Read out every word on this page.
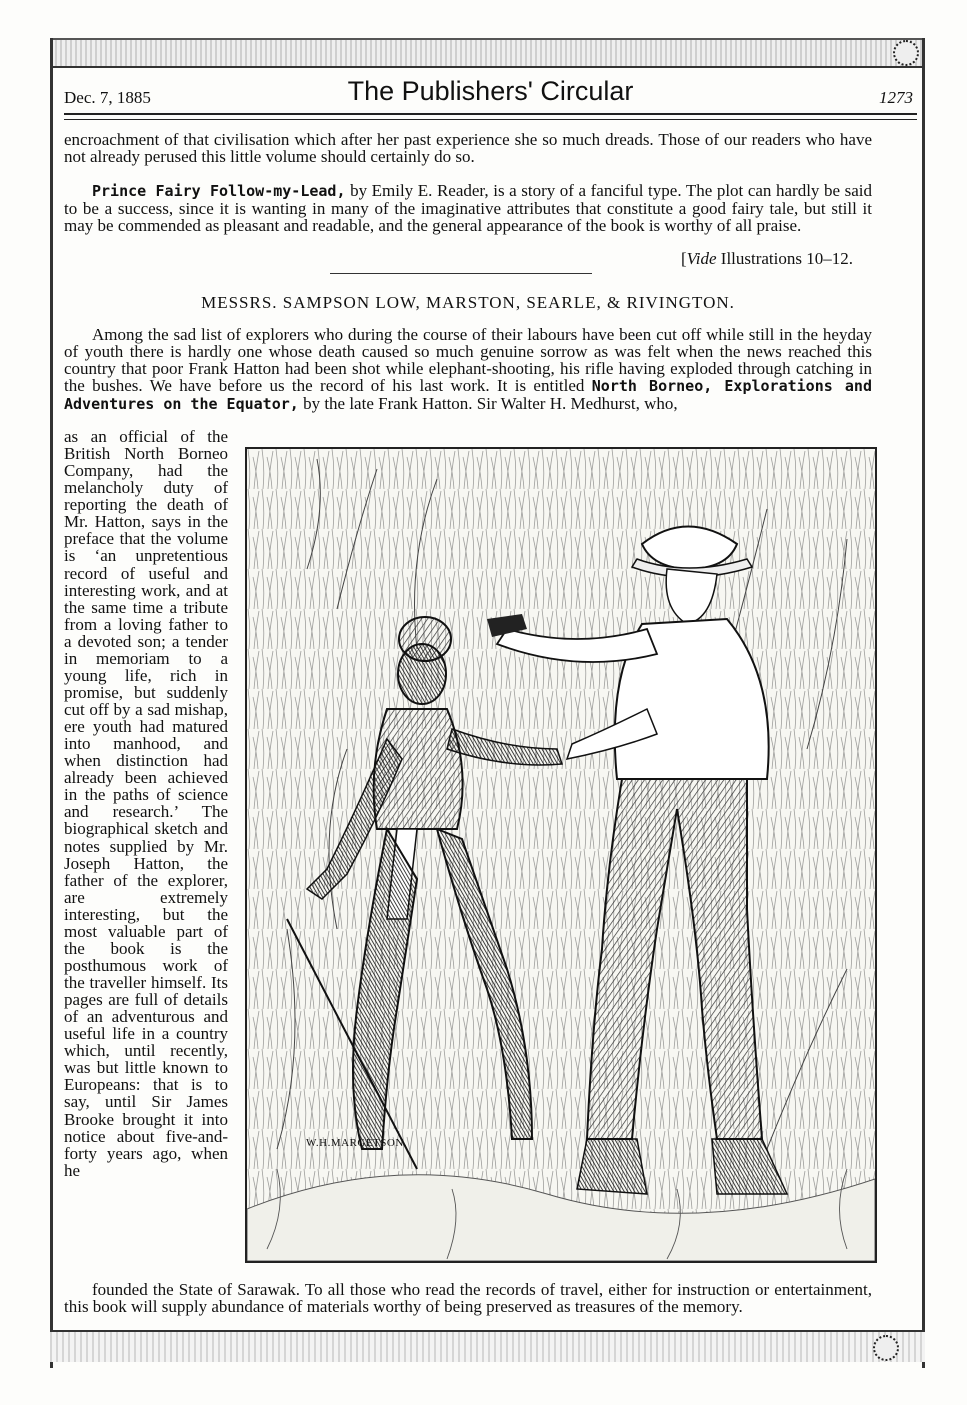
Dec. 7, 1885	The Publishers' Circular	1273
encroachment of that civilisation which after her past experience she so much dreads. Those of our readers who have not already perused this little volume should certainly do so.
Prince Fairy Follow-my-Lead, by Emily E. Reader, is a story of a fanciful type. The plot can hardly be said to be a success, since it is wanting in many of the imaginative attributes that constitute a good fairy tale, but still it may be commended as pleasant and readable, and the general appearance of the book is worthy of all praise.
[Vide Illustrations 10–12.
MESSRS. SAMPSON LOW, MARSTON, SEARLE, & RIVINGTON.
Among the sad list of explorers who during the course of their labours have been cut off while still in the heyday of youth there is hardly one whose death caused so much genuine sorrow as was felt when the news reached this country that poor Frank Hatton had been shot while elephant-shooting, his rifle having exploded through catching in the bushes. We have before us the record of his last work. It is entitled North Borneo, Explorations and Adventures on the Equator, by the late Frank Hatton. Sir Walter H. Medhurst, who,
as an official of the British North Borneo Company, had the melancholy duty of reporting the death of Mr. Hatton, says in the preface that the volume is ‘an unpretentious record of useful and interesting work, and at the same time a tribute from a loving father to a devoted son; a tender in memoriam to a young life, rich in promise, but suddenly cut off by a sad mishap, ere youth had matured into manhood, and when distinction had already been achieved in the paths of science and research.’ The biographical sketch and notes supplied by Mr. Joseph Hatton, the father of the explorer, are extremely interesting, but the most valuable part of the book is the posthumous work of the traveller himself. Its pages are full of details of an adventurous and useful life in a country which, until recently, was but little known to Europeans: that is to say, until Sir James Brooke brought it into notice about five-and-forty years ago, when he
W.H.MARGETSON.
founded the State of Sarawak. To all those who read the records of travel, either for instruction or entertainment, this book will supply abundance of materials worthy of being preserved as treasures of the memory.
